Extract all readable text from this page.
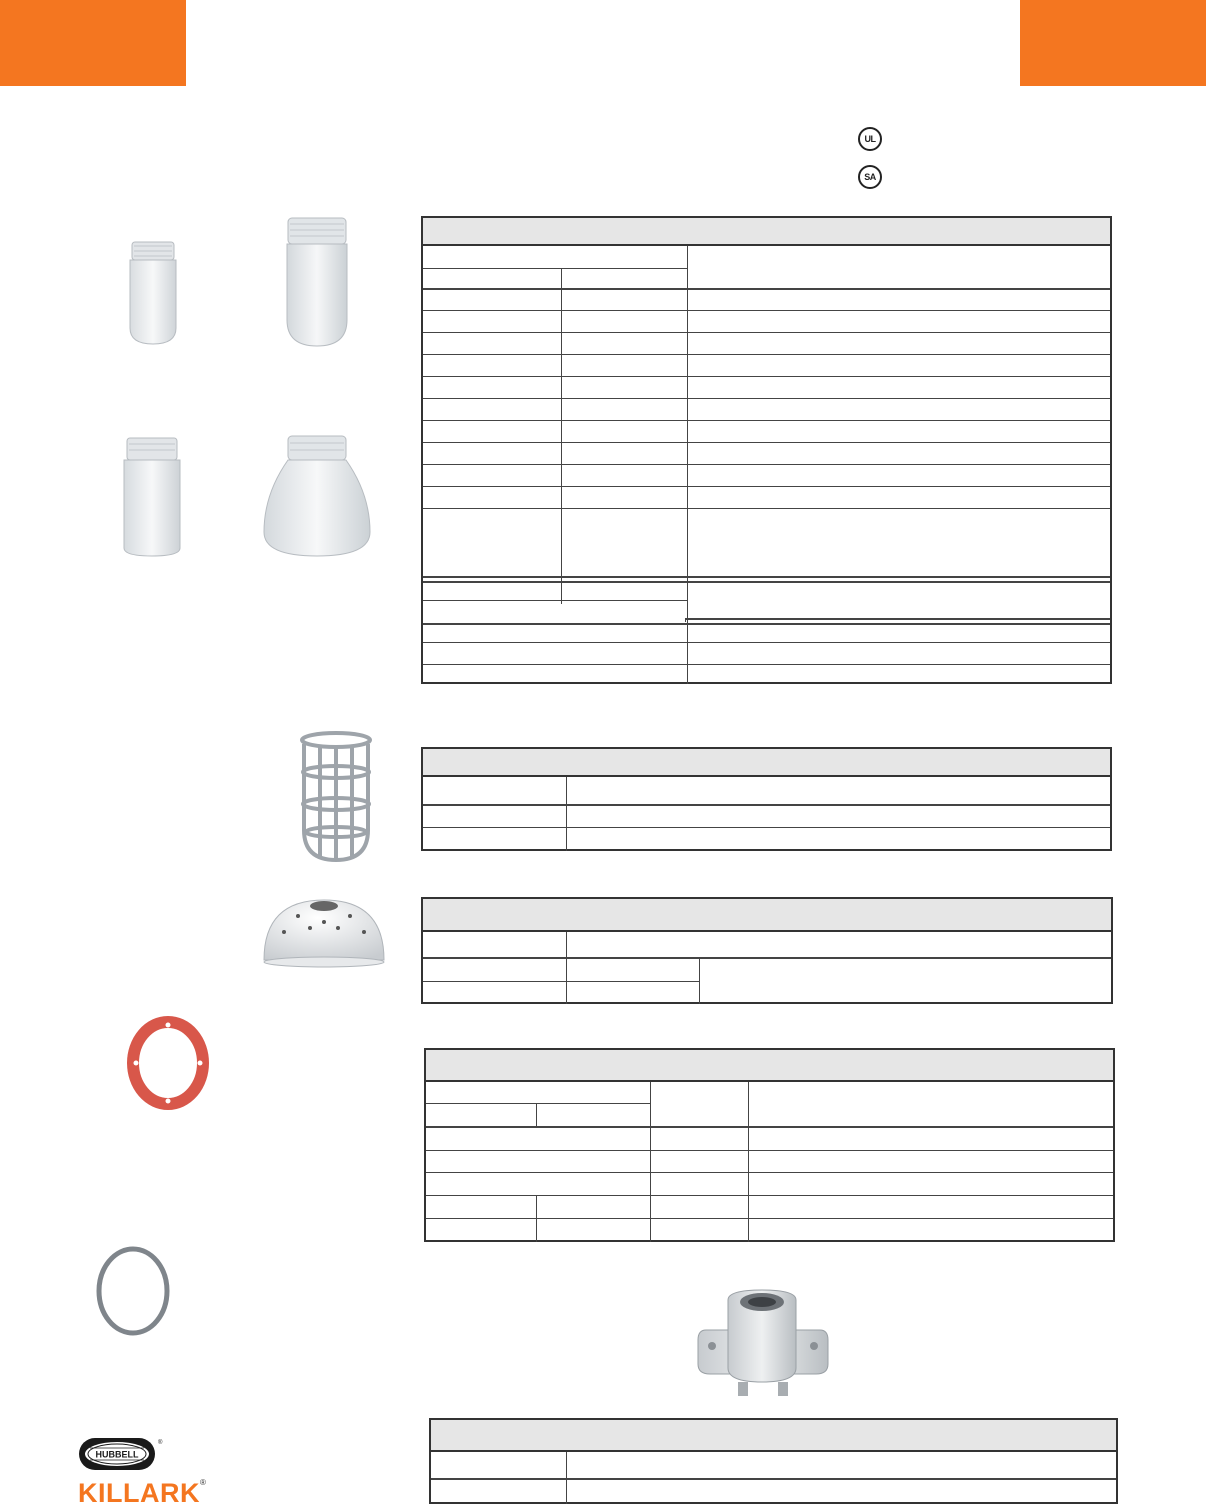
UL
SA
HUBBELL
®
KILLARK®
